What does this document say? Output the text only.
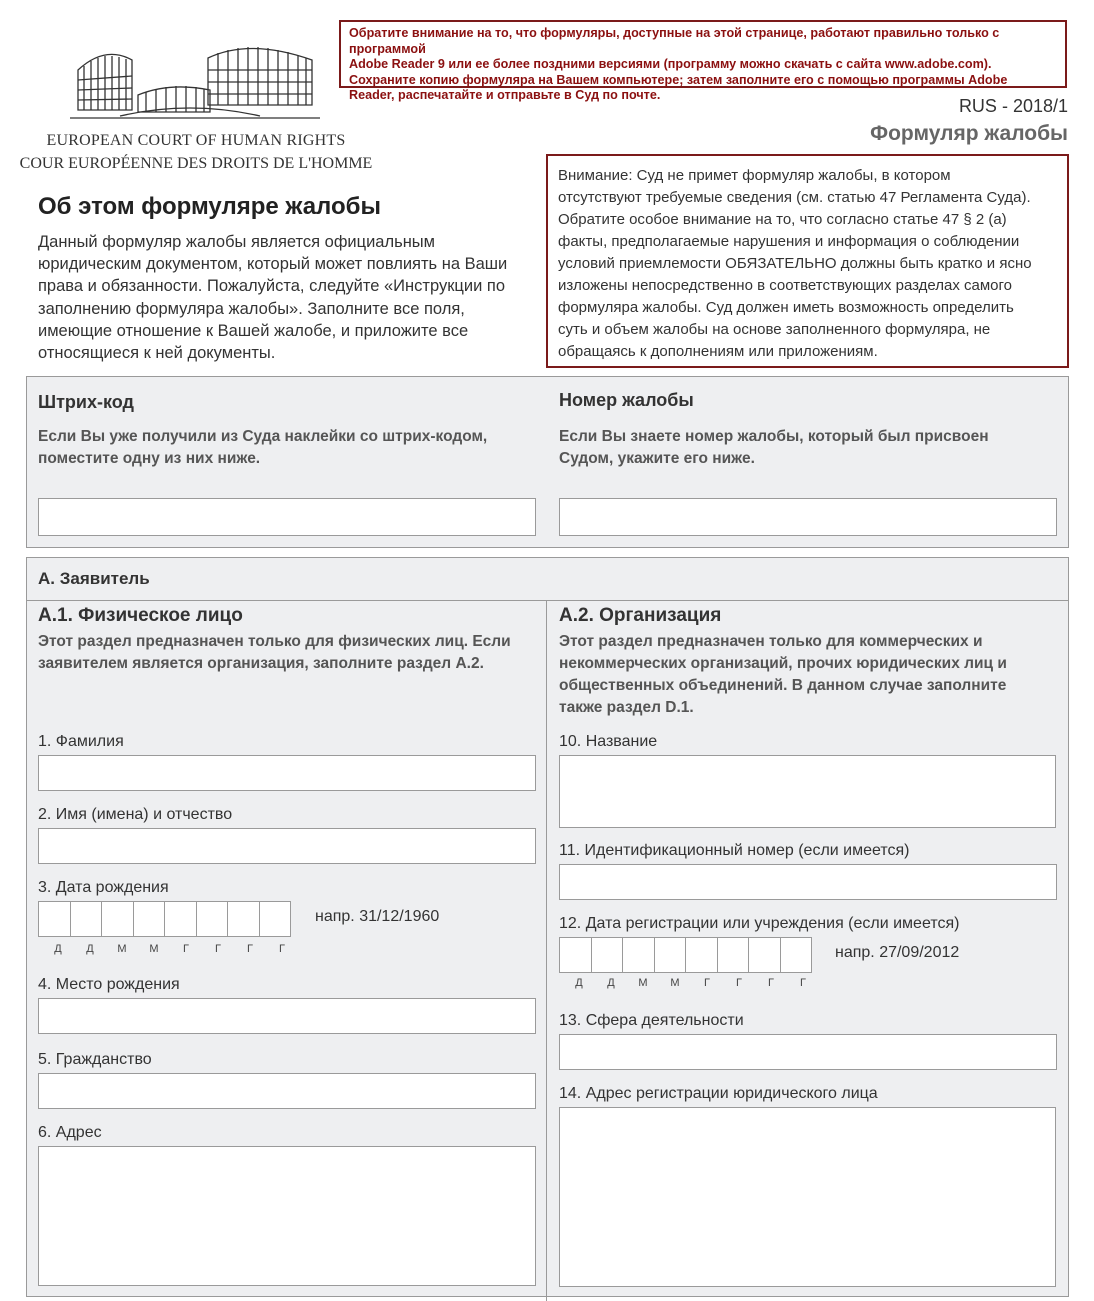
EUROPEAN COURT OF HUMAN RIGHTS
COUR EUROPÉENNE DES DROITS DE L'HOMME
Обратите внимание на то, что формуляры, доступные на этой странице, работают правильно только с программой
Adobe Reader 9 или ее более поздними версиями (программу можно скачать с сайта www.adobe.com).
Сохраните копию формуляра на Вашем компьютере; затем заполните его с помощью программы Adobe
Reader, распечатайте и отправьте в Суд по почте.
RUS - 2018/1
Формуляр жалобы
Об этом формуляре жалобы
Данный формуляр жалобы является официальным
юридическим документом, который может повлиять на Ваши
права и обязанности. Пожалуйста, следуйте «Инструкции по
заполнению формуляра жалобы». Заполните все поля,
имеющие отношение к Вашей жалобе, и приложите все
относящиеся к ней документы.
Внимание: Суд не примет формуляр жалобы, в котором
отсутствуют требуемые сведения (см. статью 47 Регламента Суда).
Обратите особое внимание на то, что согласно статье 47 § 2 (а)
факты, предполагаемые нарушения и информация о соблюдении
условий приемлемости ОБЯЗАТЕЛЬНО должны быть кратко и ясно
изложены непосредственно в соответствующих разделах самого
формуляра жалобы. Суд должен иметь возможность определить
суть и объем жалобы на основе заполненного формуляра, не
обращаясь к дополнениям или приложениям.
Штрих-код
Если Вы уже получили из Суда наклейки со штрих-кодом,
поместите одну из них ниже.
Номер жалобы
Если Вы знаете номер жалобы, который был присвоен
Судом, укажите его ниже.
A. Заявитель
A.1. Физическое лицо
Этот раздел предназначен только для физических лиц. Если
заявителем является организация, заполните раздел А.2.
1. Фамилия
2. Имя (имена) и отчество
3. Дата рождения
напр. 31/12/1960
Д	Д	М	М	Г	Г	Г	Г
4. Место рождения
5. Гражданство
6. Адрес
A.2. Организация
Этот раздел предназначен только для коммерческих и
некоммерческих организаций, прочих юридических лиц и
общественных объединений. В данном случае заполните
также раздел D.1.
10. Название
11. Идентификационный номер (если имеется)
12. Дата регистрации или учреждения (если имеется)
напр. 27/09/2012
Д	Д	М	М	Г	Г	Г	Г
13. Сфера деятельности
14. Адрес регистрации юридического лица
